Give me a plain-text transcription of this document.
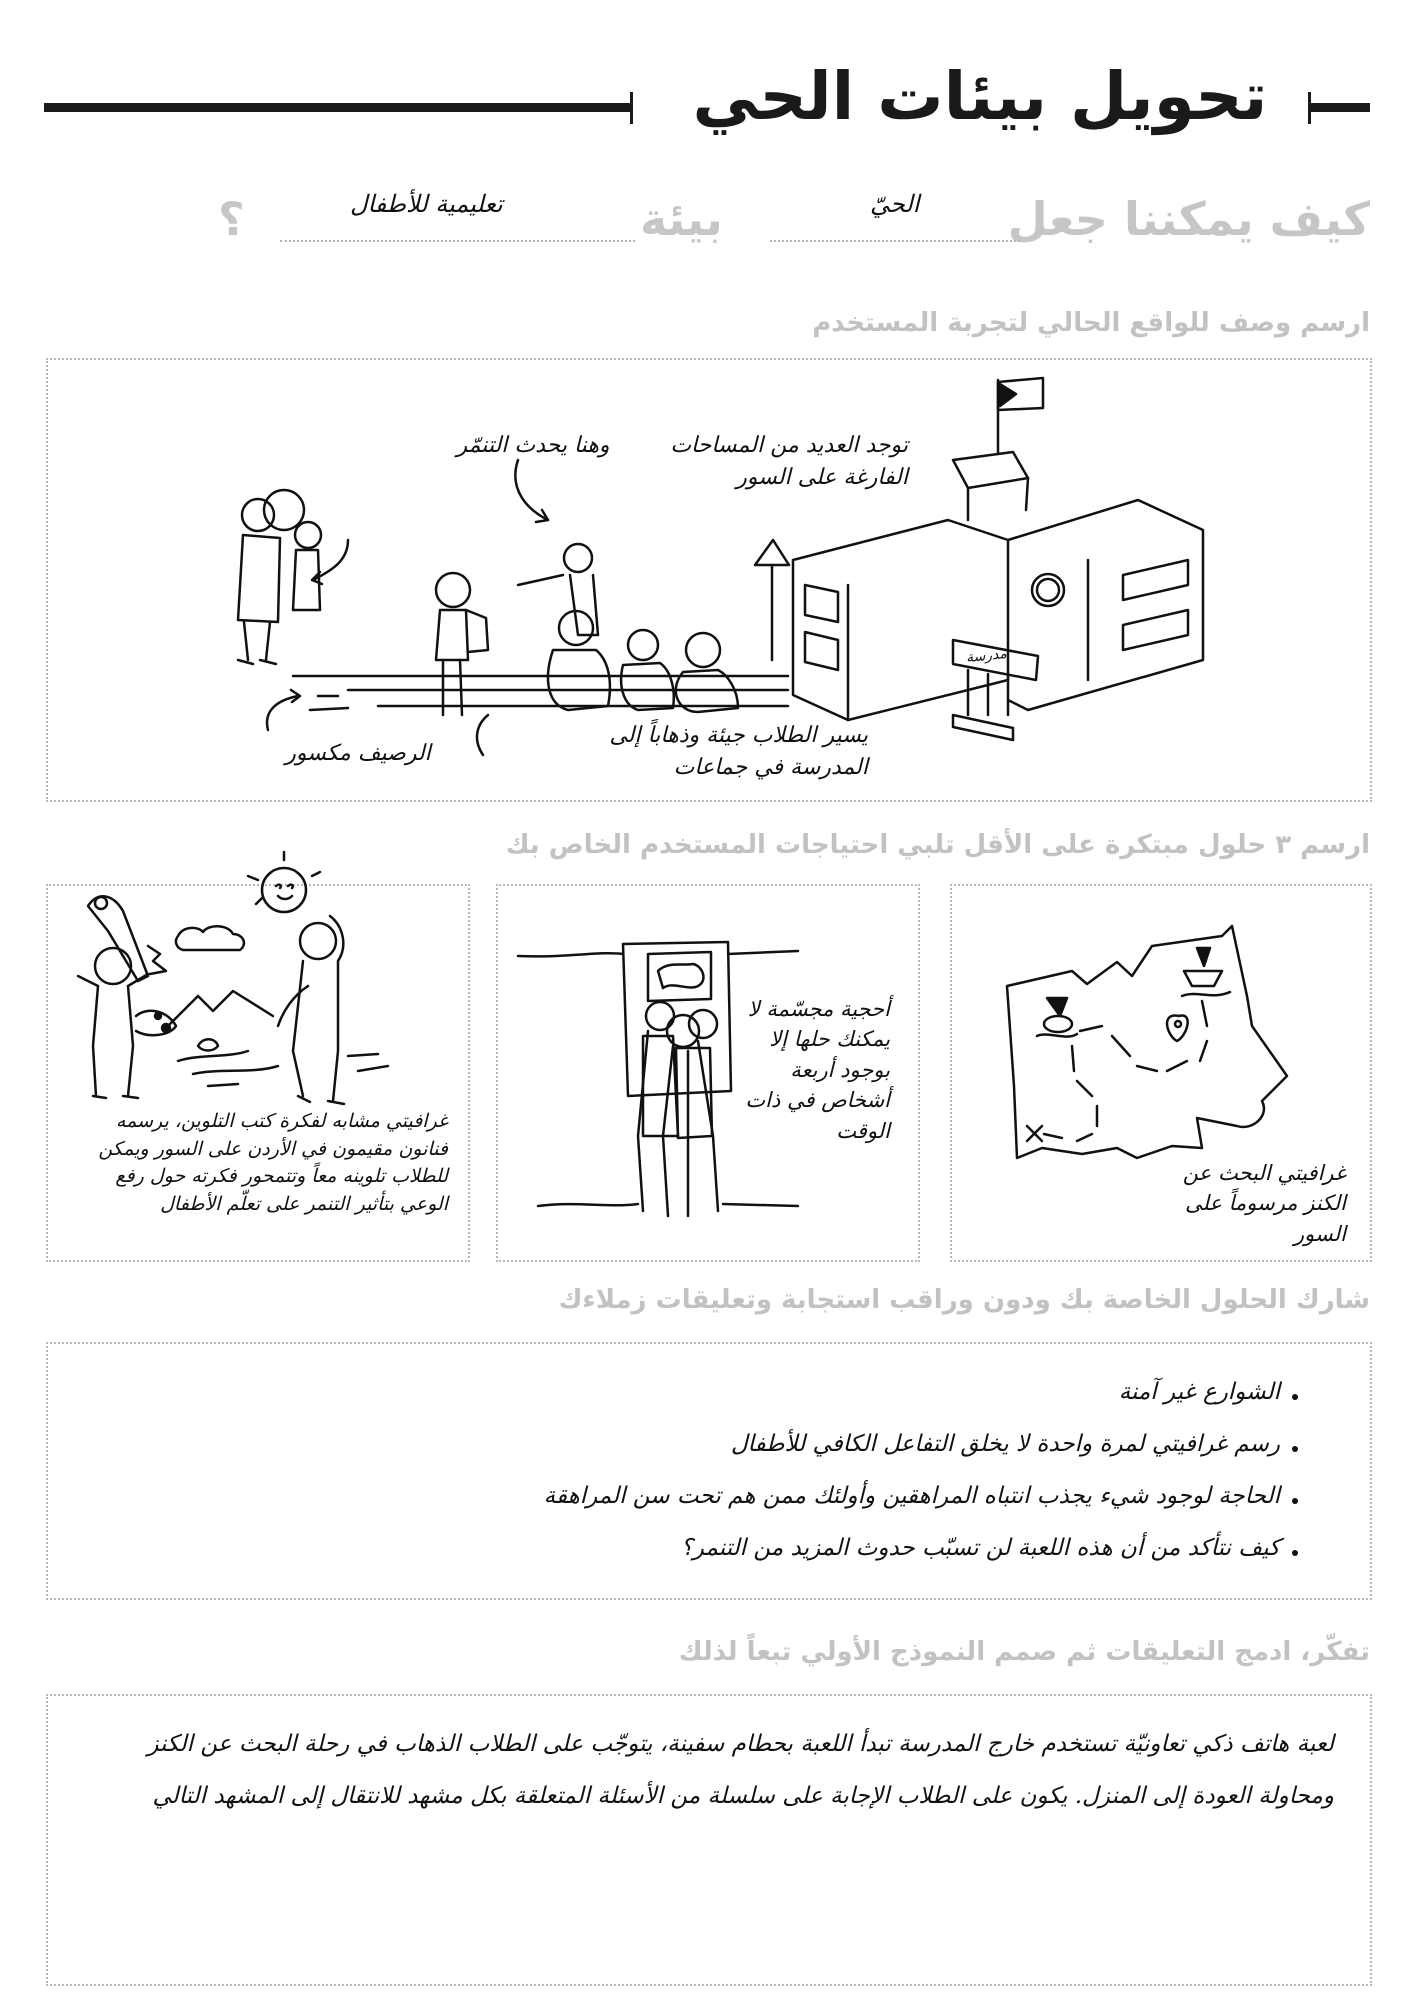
تحويل بيئات الحي
كيف يمكننا جعل
الحيّ
بيئة
تعليمية للأطفال
؟
ارسم وصف للواقع الحالي لتجربة المستخدم
وهنا يحدث التنمّر	توجد العديد من المساحات الفارغة على السور
الرصيف مكسور
يسير الطلاب جيئة وذهاباً إلى المدرسة في جماعات
مدرسة
ارسم ٣ حلول مبتكرة على الأقل تلبي احتياجات المستخدم الخاص بك
غرافيتي البحث عن الكنز مرسوماً على السور
أحجية مجسّمة لا يمكنك حلها إلا بوجود أربعة أشخاص في ذات الوقت
غرافيتي مشابه لفكرة كتب التلوين، يرسمه فنانون مقيمون في الأردن على السور ويمكن للطلاب تلوينه معاً وتتمحور فكرته حول رفع الوعي بتأثير التنمر على تعلّم الأطفال
شارك الحلول الخاصة بك ودون وراقب استجابة وتعليقات زملاءك
الشوارع غير آمنة
رسم غرافيتي لمرة واحدة لا يخلق التفاعل الكافي للأطفال
الحاجة لوجود شيء يجذب انتباه المراهقين وأولئك ممن هم تحت سن المراهقة
كيف نتأكد من أن هذه اللعبة لن تسبّب حدوث المزيد من التنمر؟
تفكّر، ادمج التعليقات ثم صمم النموذج الأولي تبعاً لذلك
لعبة هاتف ذكي تعاونيّة تستخدم خارج المدرسة تبدأ اللعبة بحطام سفينة، يتوجّب على الطلاب الذهاب في رحلة البحث عن الكنز ومحاولة العودة إلى المنزل. يكون على الطلاب الإجابة على سلسلة من الأسئلة المتعلقة بكل مشهد للانتقال إلى المشهد التالي
